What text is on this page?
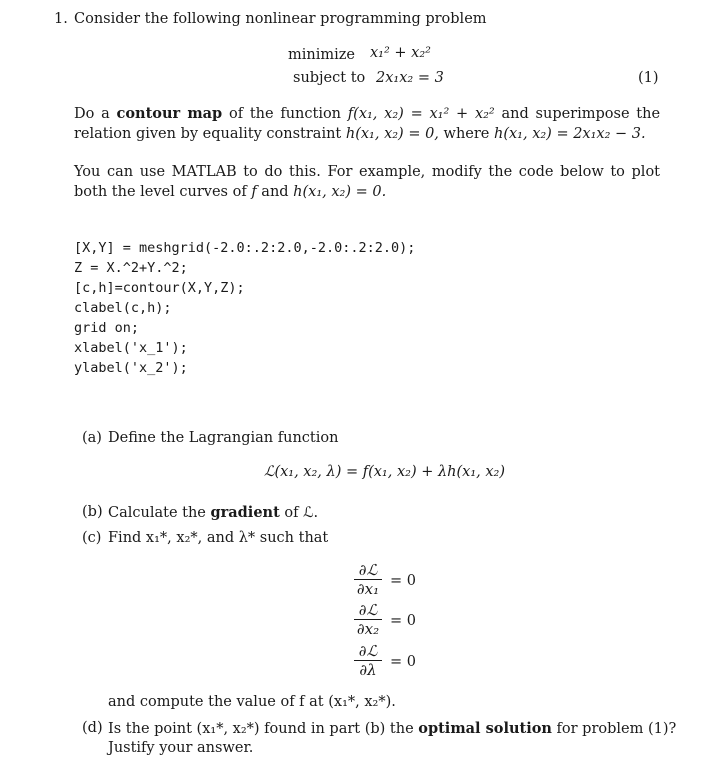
1. Consider the following nonlinear programming problem
minimize x₁² + x₂²
subject to 2x₁x₂ = 3	(1)
Do a contour map of the function f(x₁, x₂) = x₁² + x₂² and superimpose the relation given by equality constraint h(x₁, x₂) = 0, where h(x₁, x₂) = 2x₁x₂ − 3.
You can use MATLAB to do this. For example, modify the code below to plot both the level curves of f and h(x₁, x₂) = 0.
[X,Y] = meshgrid(-2.0:.2:2.0,-2.0:.2:2.0);
Z = X.^2+Y.^2;
[c,h]=contour(X,Y,Z);
clabel(c,h);
grid on;
xlabel('x_1');
ylabel('x_2');
(a) Define the Lagrangian function
ℒ(x₁, x₂, λ) = f(x₁, x₂) + λh(x₁, x₂)
(b) Calculate the gradient of ℒ.
(c) Find x₁*, x₂*, and λ* such that
∂ℒ
∂x₁ = 0
∂ℒ
∂x₂ = 0
∂ℒ
∂λ = 0
and compute the value of f at (x₁*, x₂*).
(d) Is the point (x₁*, x₂*) found in part (b) the optimal solution for problem (1)?
Justify your answer.
